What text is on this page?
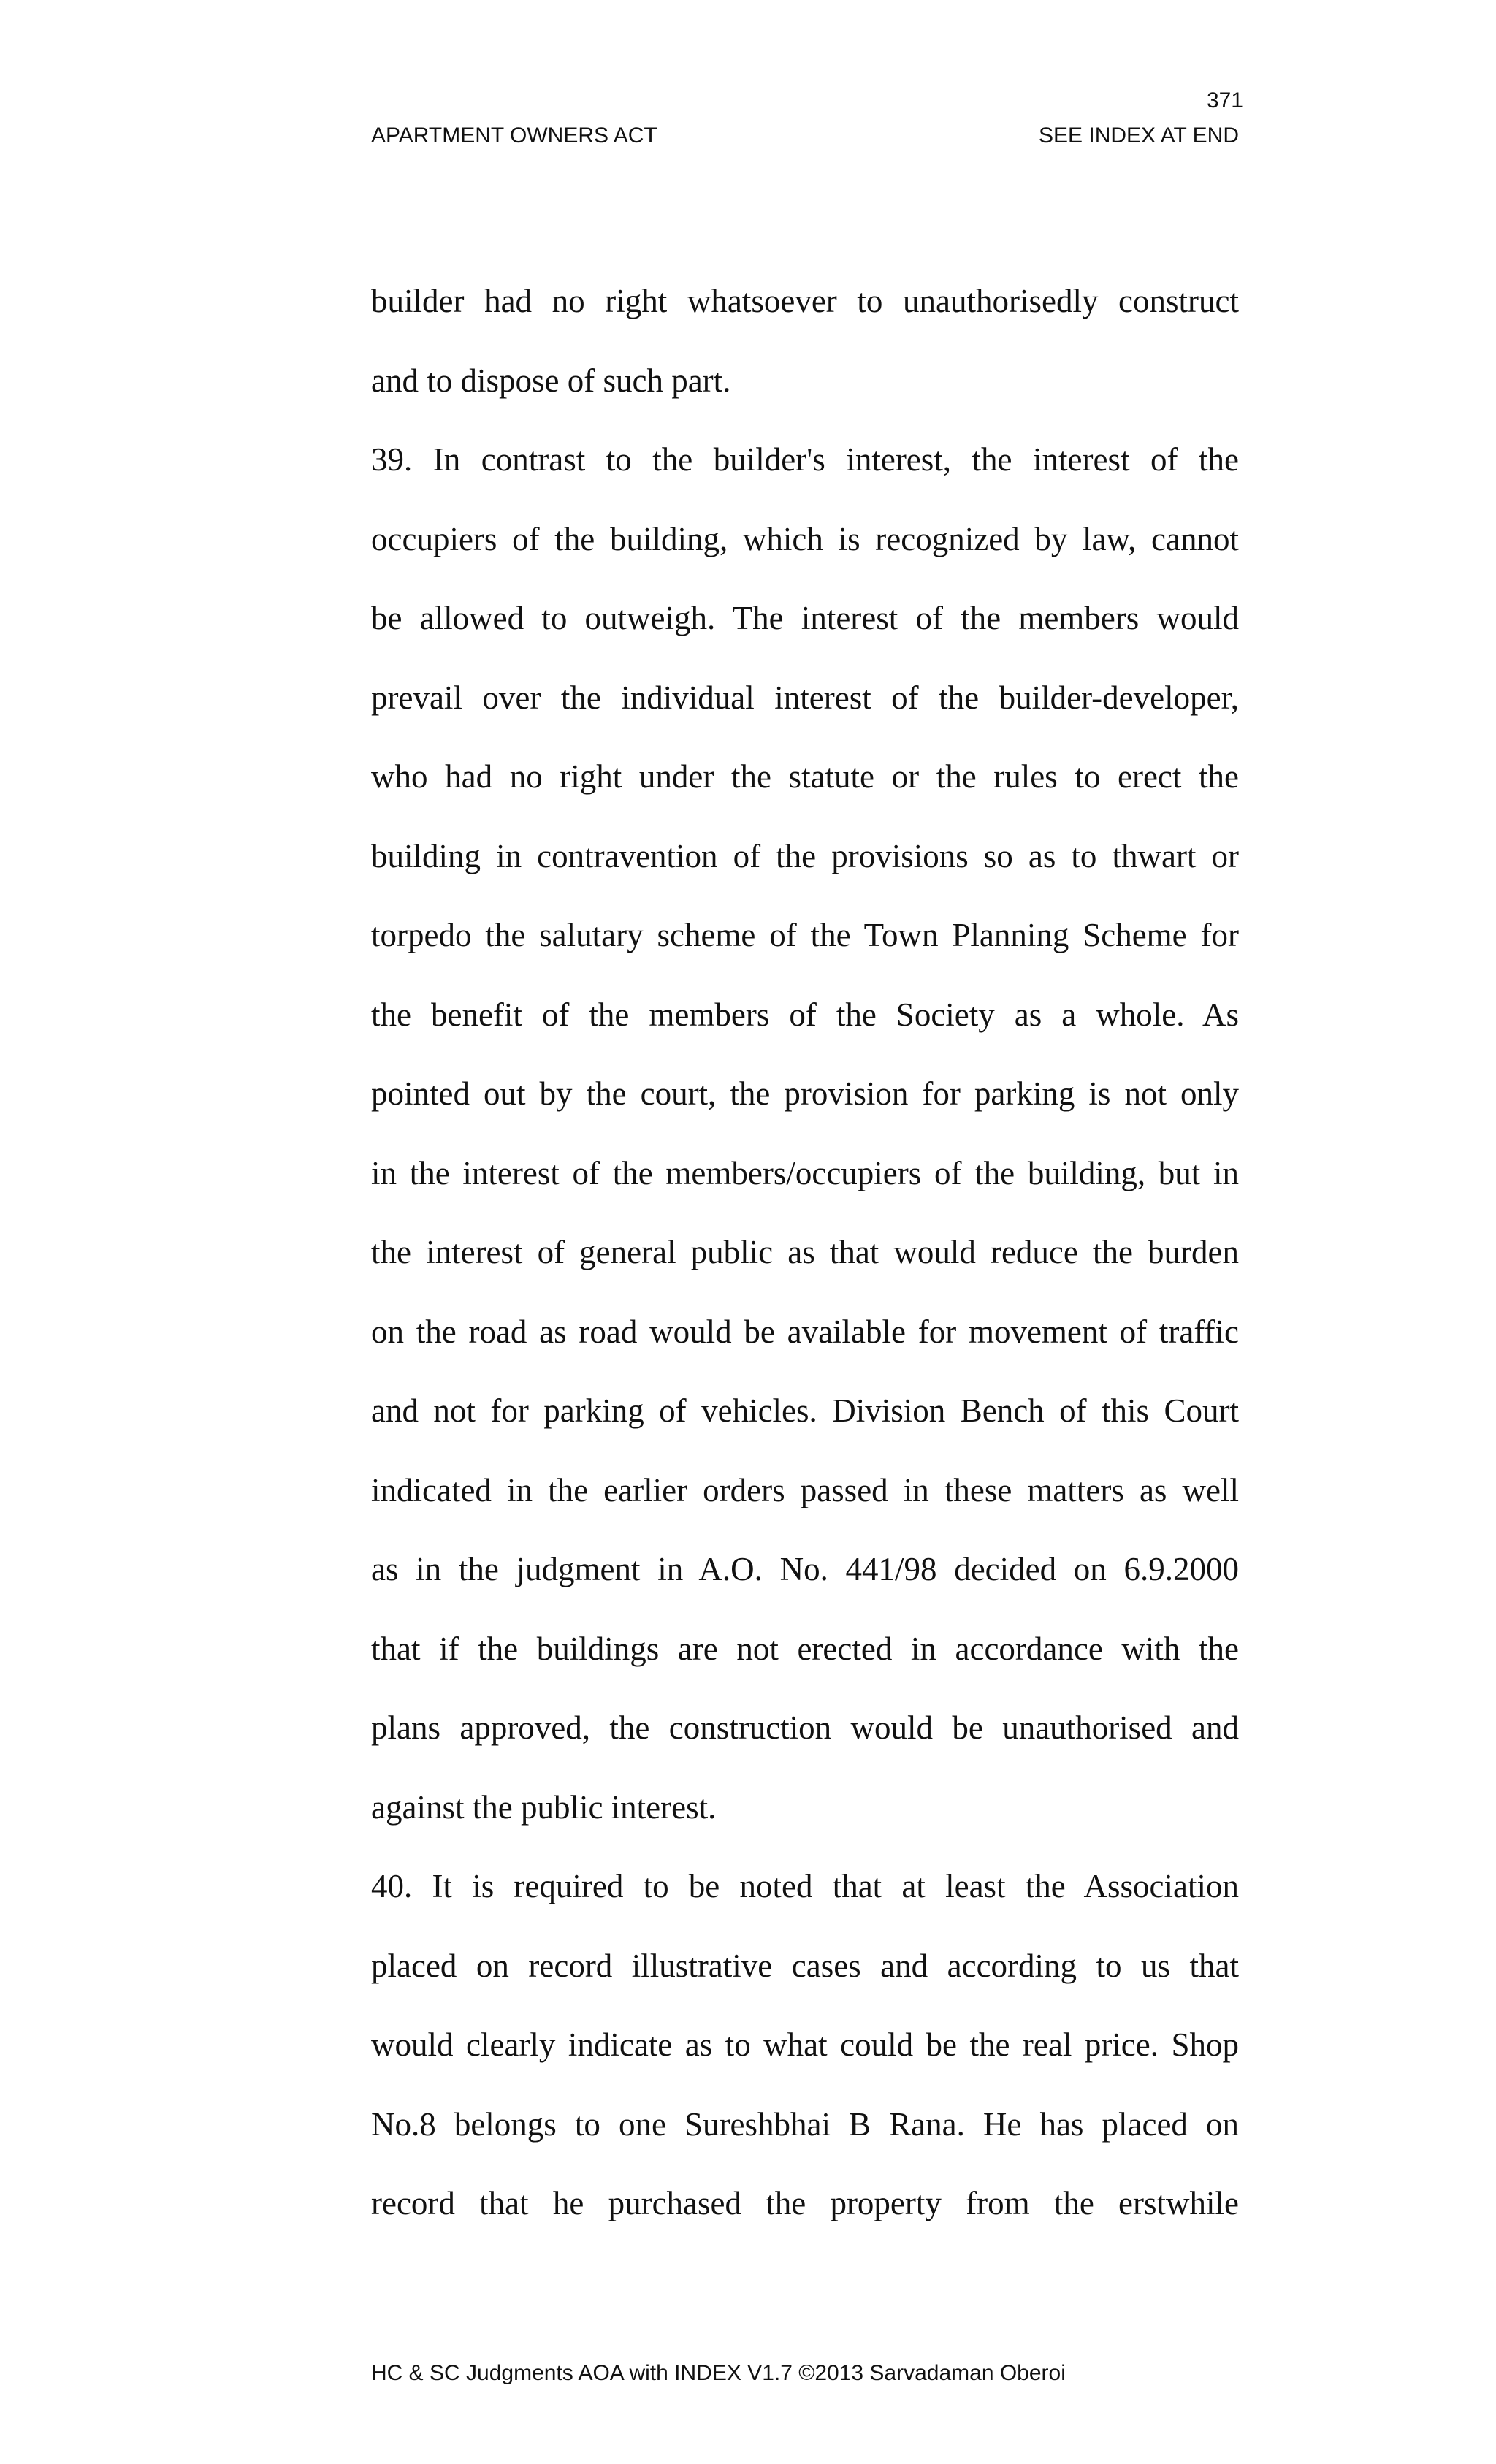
371
APARTMENT OWNERS ACT	SEE INDEX AT END
builder had no right whatsoever to unauthorisedly construct
and to dispose of such part.
39. In contrast to the builder's interest, the interest of the
occupiers of the building, which is recognized by law, cannot
be allowed to outweigh. The interest of the members would
prevail over the individual interest of the builder-developer,
who had no right under the statute or the rules to erect the
building in contravention of the provisions so as to thwart or
torpedo the salutary scheme of the Town Planning Scheme for
the benefit of the members of the Society as a whole. As
pointed out by the court, the provision for parking is not only
in the interest of the members/occupiers of the building, but in
the interest of general public as that would reduce the burden
on the road as road would be available for movement of traffic
and not for parking of vehicles. Division Bench of this Court
indicated in the earlier orders passed in these matters as well
as in the judgment in A.O. No. 441/98 decided on 6.9.2000
that if the buildings are not erected in accordance with the
plans approved, the construction would be unauthorised and
against the public interest.
40. It is required to be noted that at least the Association
placed on record illustrative cases and according to us that
would clearly indicate as to what could be the real price. Shop
No.8 belongs to one Sureshbhai B Rana. He has placed on
record that he purchased the property from the erstwhile
HC & SC Judgments AOA with INDEX V1.7 ©2013 Sarvadaman Oberoi
